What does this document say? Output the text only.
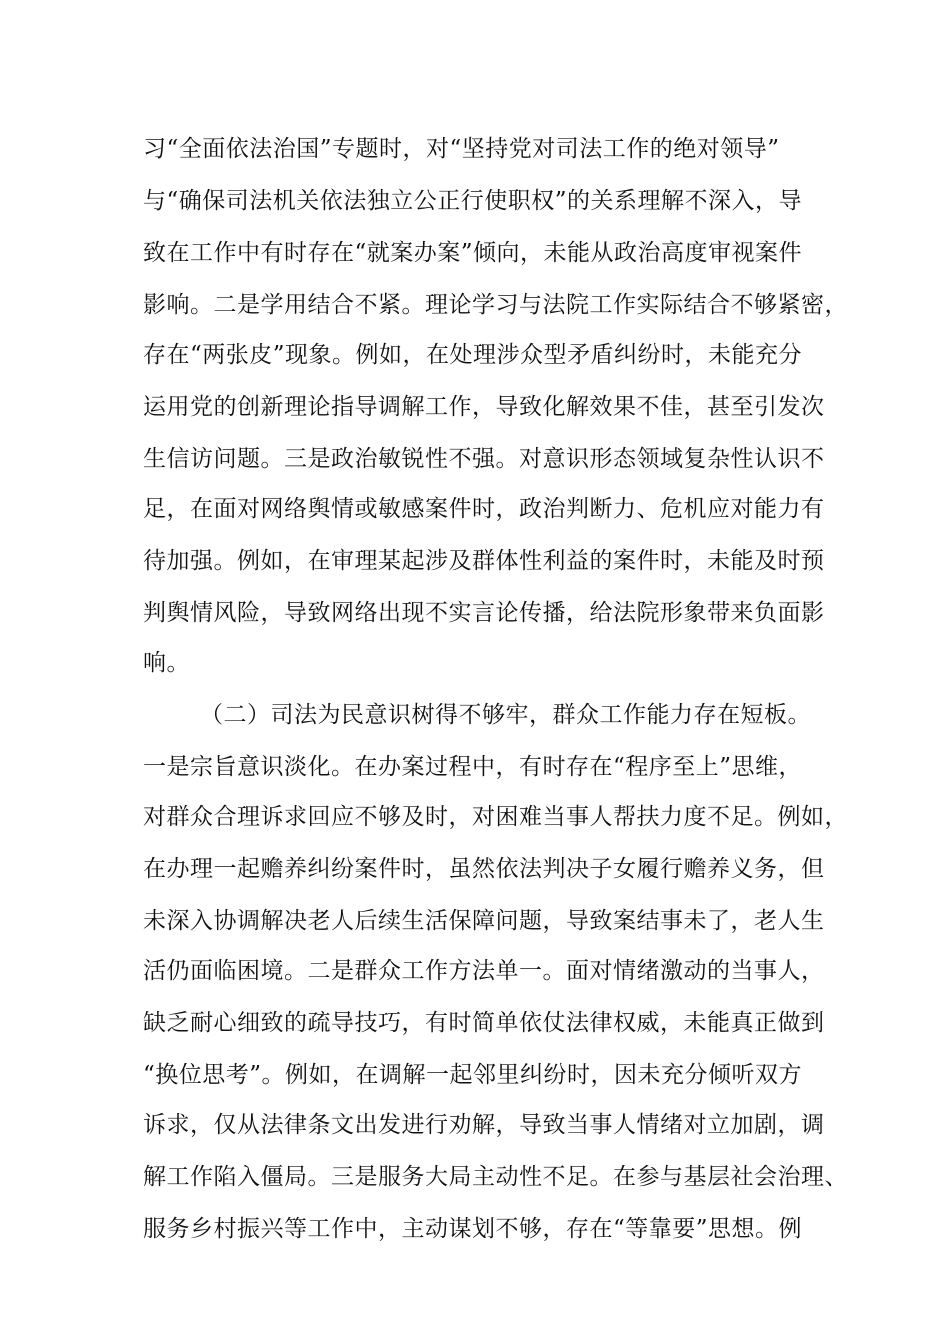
习“全面依法治国”专题时，对“坚持党对司法工作的绝对领导”
与“确保司法机关依法独立公正行使职权”的关系理解不深入，导
致在工作中有时存在“就案办案”倾向，未能从政治高度审视案件
影响。二是学用结合不紧。理论学习与法院工作实际结合不够紧密，
存在“两张皮”现象。例如，在处理涉众型矛盾纠纷时，未能充分
运用党的创新理论指导调解工作，导致化解效果不佳，甚至引发次
生信访问题。三是政治敏锐性不强。对意识形态领域复杂性认识不
足，在面对网络舆情或敏感案件时，政治判断力、危机应对能力有
待加强。例如，在审理某起涉及群体性利益的案件时，未能及时预
判舆情风险，导致网络出现不实言论传播，给法院形象带来负面影
响。
（二）司法为民意识树得不够牢，群众工作能力存在短板。
一是宗旨意识淡化。在办案过程中，有时存在“程序至上”思维，
对群众合理诉求回应不够及时，对困难当事人帮扶力度不足。例如，
在办理一起赡养纠纷案件时，虽然依法判决子女履行赡养义务，但
未深入协调解决老人后续生活保障问题，导致案结事未了，老人生
活仍面临困境。二是群众工作方法单一。面对情绪激动的当事人，
缺乏耐心细致的疏导技巧，有时简单依仗法律权威，未能真正做到
“换位思考”。例如，在调解一起邻里纠纷时，因未充分倾听双方
诉求，仅从法律条文出发进行劝解，导致当事人情绪对立加剧，调
解工作陷入僵局。三是服务大局主动性不足。在参与基层社会治理、
服务乡村振兴等工作中，主动谋划不够，存在“等靠要”思想。例
